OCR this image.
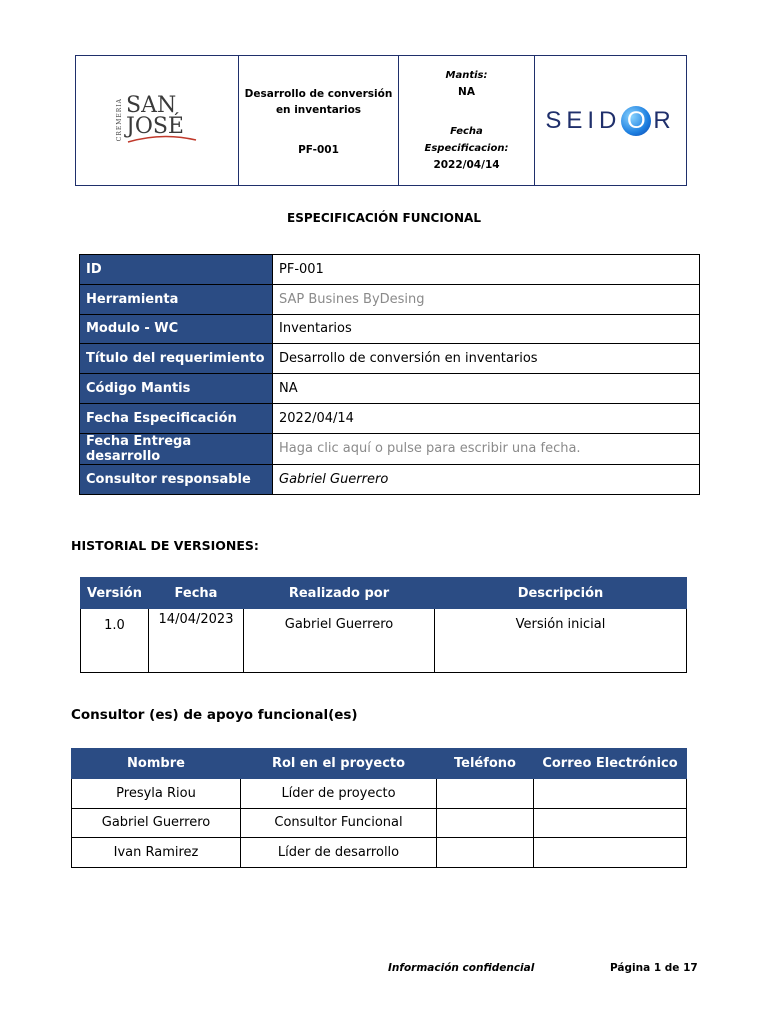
CREMERÍA SAN
JOSÉ

Desarrollo de conversión
en inventarios
PF-001

Mantis:
NA
Fecha
Especificacion:
2022/04/14

SEID O R
ESPECIFICACIÓN FUNCIONAL
ID	PF-001
Herramienta	SAP Busines ByDesing
Modulo - WC	Inventarios
Título del requerimiento	Desarrollo de conversión en inventarios
Código Mantis	NA
Fecha Especificación	2022/04/14
Fecha Entrega desarrollo	Haga clic aquí o pulse para escribir una fecha.
Consultor responsable	Gabriel Guerrero
HISTORIAL DE VERSIONES:
Versión	Fecha	Realizado por	Descripción
1.0	14/04/2023	Gabriel Guerrero	Versión inicial
Consultor (es) de apoyo funcional(es)
Nombre	Rol en el proyecto	Teléfono	Correo Electrónico
Presyla Riou	Líder de proyecto		
Gabriel Guerrero	Consultor Funcional		
Ivan Ramirez	Líder de desarrollo		
Información confidencial	Página 1 de 17
